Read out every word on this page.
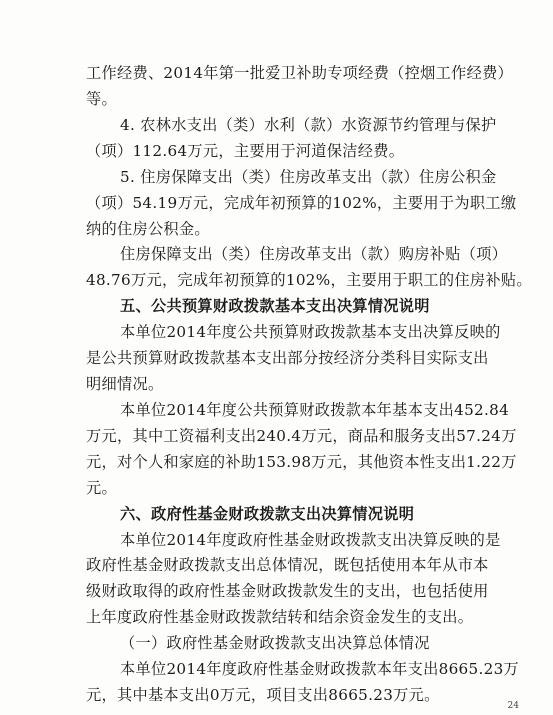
工作经费、2014年第一批爱卫补助专项经费（控烟工作经费）
等。
4. 农林水支出（类）水利（款）水资源节约管理与保护
（项）112.64万元，主要用于河道保洁经费。
5. 住房保障支出（类）住房改革支出（款）住房公积金
（项）54.19万元，完成年初预算的102%，主要用于为职工缴
纳的住房公积金。
住房保障支出（类）住房改革支出（款）购房补贴（项）
48.76万元，完成年初预算的102%，主要用于职工的住房补贴。
五、公共预算财政拨款基本支出决算情况说明
本单位2014年度公共预算财政拨款基本支出决算反映的
是公共预算财政拨款基本支出部分按经济分类科目实际支出
明细情况。
本单位2014年度公共预算财政拨款本年基本支出452.84
万元，其中工资福利支出240.4万元，商品和服务支出57.24万
元，对个人和家庭的补助153.98万元，其他资本性支出1.22万
元。
六、政府性基金财政拨款支出决算情况说明
本单位2014年度政府性基金财政拨款支出决算反映的是
政府性基金财政拨款支出总体情况，既包括使用本年从市本
级财政取得的政府性基金财政拨款发生的支出，也包括使用
上年度政府性基金财政拨款结转和结余资金发生的支出。
24
（一）政府性基金财政拨款支出决算总体情况
本单位2014年度政府性基金财政拨款本年支出8665.23万
元，其中基本支出0万元，项目支出8665.23万元。
